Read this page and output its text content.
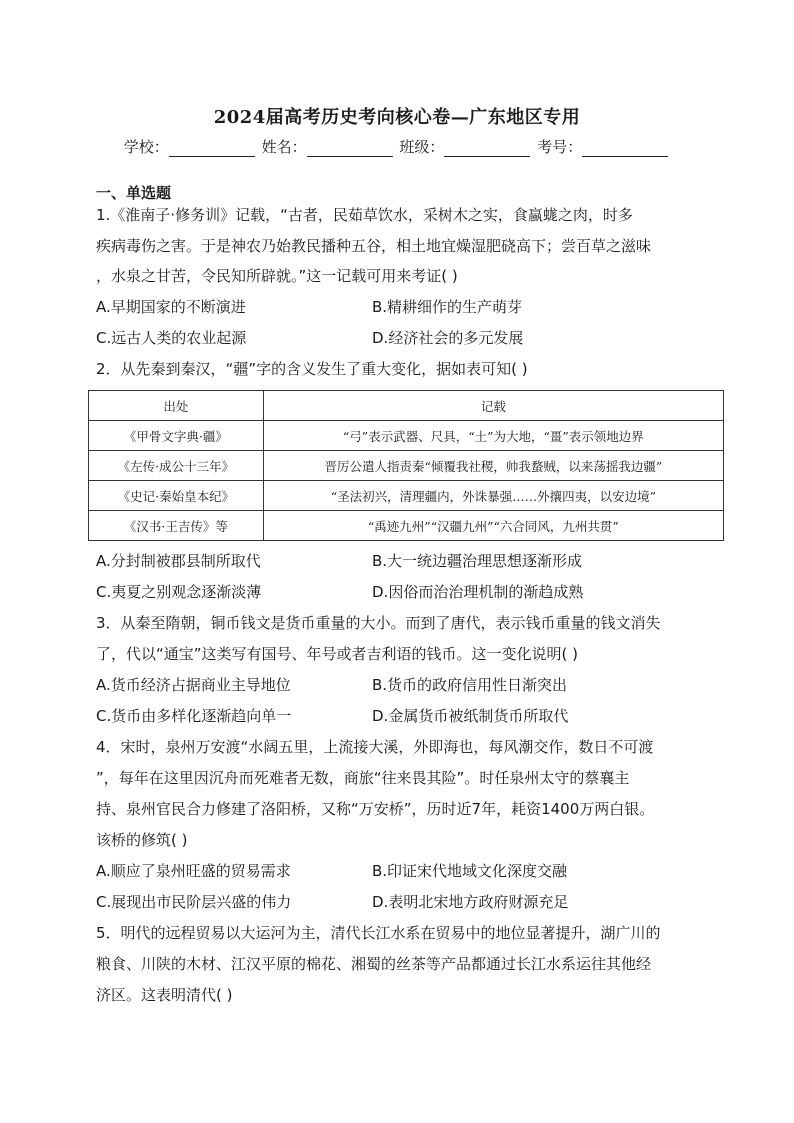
2024届高考历史考向核心卷—广东地区专用
学校：	姓名：	班级：	考号：
一、单选题
1.《淮南子·修务训》记载，“古者，民茹草饮水，采树木之实，食蠃蛖之肉，时多
疾病毒伤之害。于是神农乃始教民播种五谷，相土地宜燥湿肥硗高下；尝百草之滋味
，水泉之甘苦，令民知所辟就。”这一记载可用来考证( )
A.早期国家的不断演进	B.精耕细作的生产萌芽
C.远古人类的农业起源	D.经济社会的多元发展
2．从先秦到秦汉，“疆”字的含义发生了重大变化，据如表可知( )
出处	记载
《甲骨文字典·疆》	“弓”表示武器、尺具，“土”为大地，“畺”表示领地边界
《左传·成公十三年》	晋厉公遣人指责秦“倾覆我社稷，帅我蝥贼，以来荡摇我边疆”
《史记·秦始皇本纪》	“圣法初兴，清理疆内，外诛暴强……外攘四夷，以安边境”
《汉书·王吉传》等	“禹迹九州”“汉疆九州”“六合同风，九州共贯”
A.分封制被郡县制所取代	B.大一统边疆治理思想逐渐形成
C.夷夏之别观念逐渐淡薄	D.因俗而治治理机制的渐趋成熟
3．从秦至隋朝，铜币钱文是货币重量的大小。而到了唐代，表示钱币重量的钱文消失
了，代以“通宝”这类写有国号、年号或者吉利语的钱币。这一变化说明( )
A.货币经济占据商业主导地位	B.货币的政府信用性日渐突出
C.货币由多样化逐渐趋向单一	D.金属货币被纸制货币所取代
4．宋时，泉州万安渡“水阔五里，上流接大溪，外即海也，每风潮交作，数日不可渡
”，每年在这里因沉舟而死难者无数，商旅“往来畏其险”。时任泉州太守的蔡襄主
持、泉州官民合力修建了洛阳桥，又称“万安桥”，历时近7年，耗资1400万两白银。
该桥的修筑( )
A.顺应了泉州旺盛的贸易需求	B.印证宋代地域文化深度交融
C.展现出市民阶层兴盛的伟力	D.表明北宋地方政府财源充足
5．明代的远程贸易以大运河为主，清代长江水系在贸易中的地位显著提升，湖广川的
粮食、川陕的木材、江汉平原的棉花、湘蜀的丝茶等产品都通过长江水系运往其他经
济区。这表明清代( )
